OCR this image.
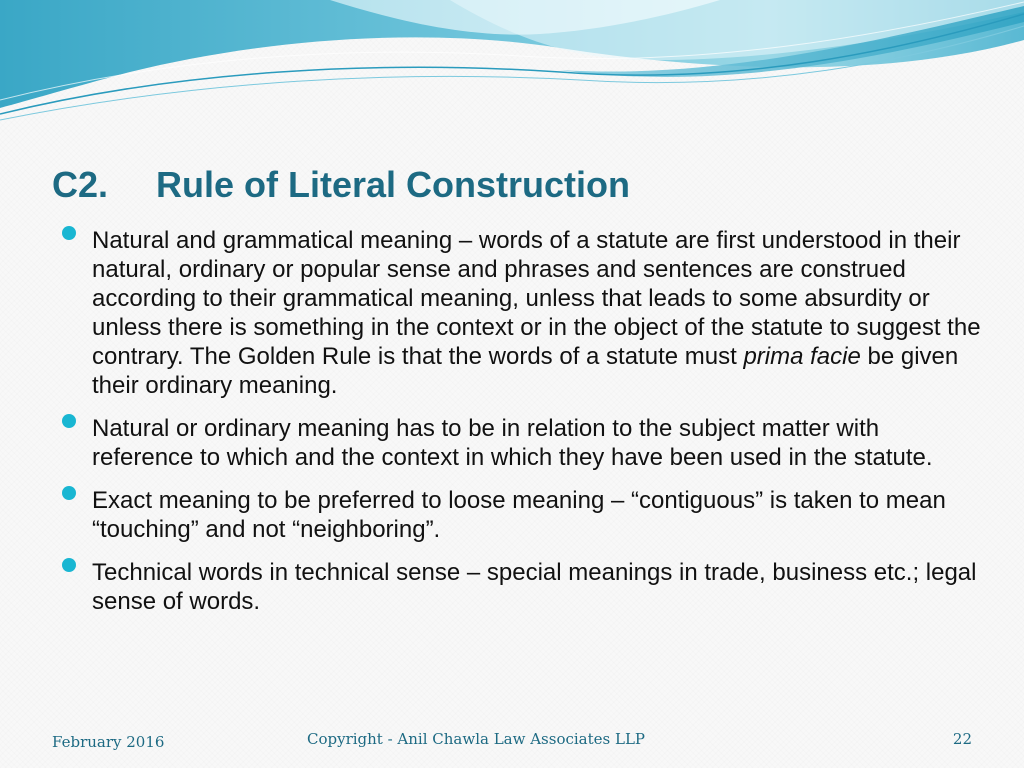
C2. Rule of Literal Construction
Natural and grammatical meaning – words of a statute are first understood in their natural, ordinary or popular sense and phrases and sentences are construed according to their grammatical meaning, unless that leads to some absurdity or unless there is something in the context or in the object of the statute to suggest the contrary. The Golden Rule is that the words of a statute must prima facie be given their ordinary meaning.
Natural or ordinary meaning has to be in relation to the subject matter with reference to which and the context in which they have been used in the statute.
Exact meaning to be preferred to loose meaning – “contiguous” is taken to mean “touching” and not “neighboring”.
Technical words in technical sense – special meanings in trade, business etc.; legal sense of words.
February 2016	Copyright - Anil Chawla Law Associates LLP	22
